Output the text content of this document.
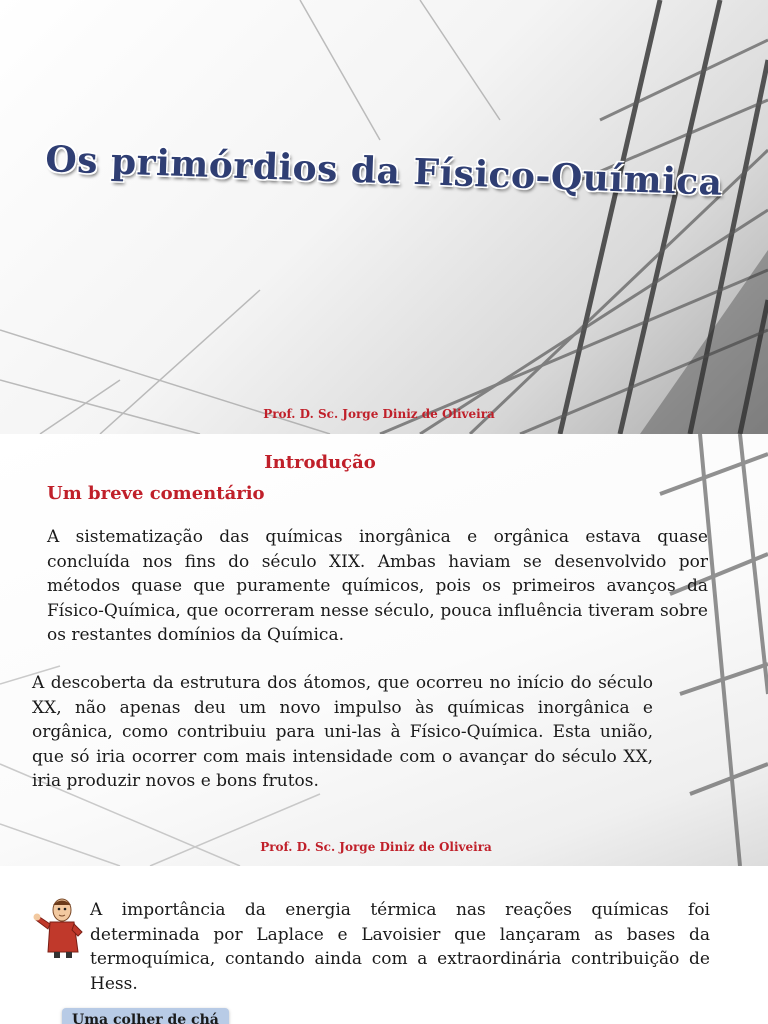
Os primórdios da Físico-Química
Prof. D. Sc. Jorge Diniz de Oliveira
Introdução
Um breve comentário
A sistematização das químicas inorgânica e orgânica estava quase concluída nos fins do século XIX. Ambas haviam se desenvolvido por métodos quase que puramente químicos, pois os primeiros avanços da Físico-Química, que ocorreram nesse século, pouca influência tiveram sobre os restantes domínios da Química.
A descoberta da estrutura dos átomos, que ocorreu no início do século XX, não apenas deu um novo impulso às químicas inorgânica e orgânica, como contribuiu para uni-las à Físico-Química. Esta união, que só iria ocorrer com mais intensidade com o avançar do século XX, iria produzir novos e bons frutos.
Prof. D. Sc. Jorge Diniz de Oliveira
A importância da energia térmica nas reações químicas foi determinada por Laplace e Lavoisier que lançaram as bases da termoquímica, contando ainda com a extraordinária contribuição de Hess.
Uma colher de chá
